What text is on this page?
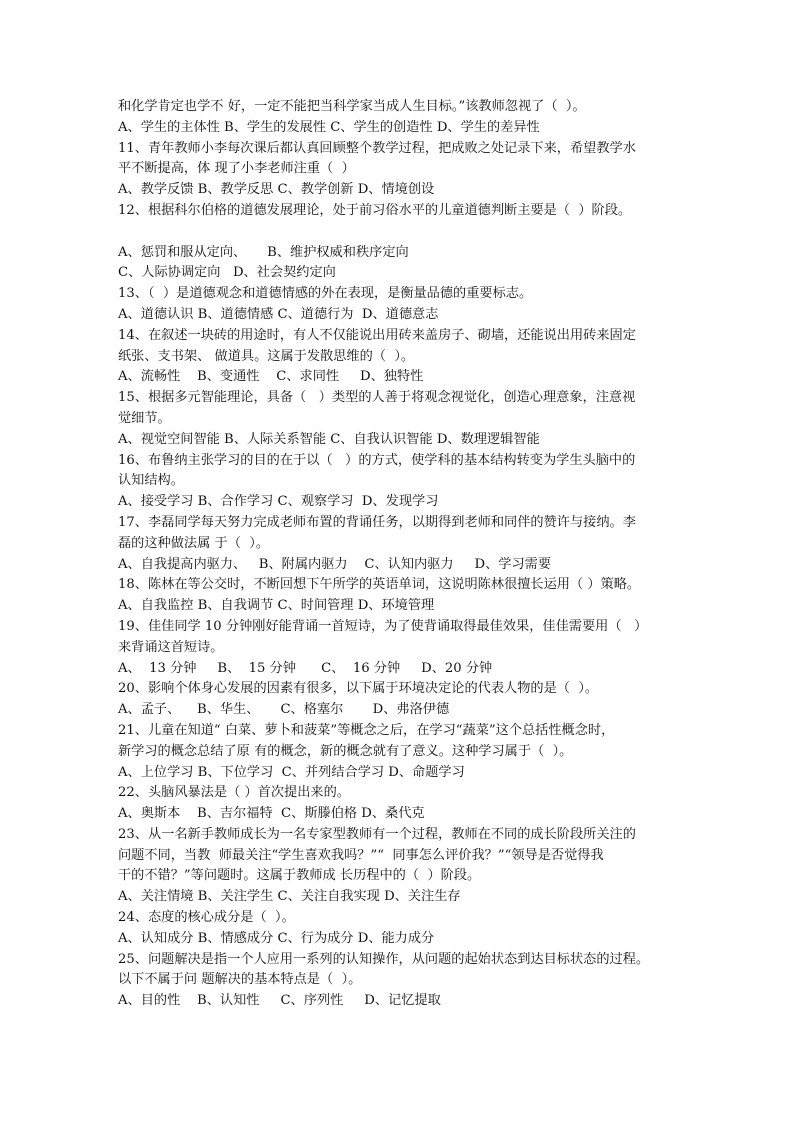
和化学肯定也学不 好，一定不能把当科学家当成人生目标。”该教师忽视了（  ）。
A、学生的主体性 B、学生的发展性 C、学生的创造性 D、学生的差异性
11、青年教师小李每次课后都认真回顾整个教学过程，把成败之处记录下来，希望教学水
平不断提高，体 现了小李老师注重（  ）
A、教学反馈 B、教学反思 C、教学创新 D、情境创设
12、根据科尔伯格的道德发展理论，处于前习俗水平的儿童道德判断主要是（  ）阶段。
A、惩罚和服从定向、     B、维护权威和秩序定向
C、人际协调定向   D、社会契约定向
13、（  ）是道德观念和道德情感的外在表现，是衡量品德的重要标志。
A、道德认识 B、道德情感 C、道德行为  D、道德意志
14、在叙述一块砖的用途时，有人不仅能说出用砖来盖房子、砌墙，还能说出用砖来固定
纸张、支书架、 做道具。这属于发散思维的（  ）。
A、流畅性    B、变通性    C、求同性     D、独特性
15、根据多元智能理论，具备（   ）类型的人善于将观念视觉化，创造心理意象，注意视
觉细节。
A、视觉空间智能 B、人际关系智能 C、自我认识智能 D、数理逻辑智能
16、布鲁纳主张学习的目的在于以（   ）的方式，使学科的基本结构转变为学生头脑中的
认知结构。
A、接受学习 B、合作学习 C、观察学习  D、发现学习
17、李磊同学每天努力完成老师布置的背诵任务，以期得到老师和同伴的赞许与接纳。李
磊的这种做法属 于（  ）。
A、自我提高内驱力、   B、附属内驱力    C、认知内驱力     D、学习需要
18、陈林在等公交时，不断回想下午所学的英语单词，这说明陈林很擅长运用（ ）策略。
A、自我监控 B、自我调节 C、时间管理 D、环境管理
19、佳佳同学 10 分钟刚好能背诵一首短诗，为了使背诵取得最佳效果，佳佳需要用（   ）
来背诵这首短诗。
A、  13 分钟     B、  15 分钟      C、  16 分钟     D、20 分钟
20、影响个体身心发展的因素有很多，以下属于环境决定论的代表人物的是（  ）。
A、孟子、    B、华生、     C、格塞尔       D、弗洛伊德
21、儿童在知道“ 白菜、萝卜和菠菜”等概念之后，在学习“蔬菜”这个总括性概念时，
新学习的概念总结了原 有的概念，新的概念就有了意义。这种学习属于（  ）。
A、上位学习 B、下位学习  C、并列结合学习 D、命题学习
22、头脑风暴法是（ ）首次提出来的。
A、奥斯本    B、吉尔福特  C、斯滕伯格 D、桑代克
23、从一名新手教师成长为一名专家型教师有一个过程，教师在不同的成长阶段所关注的
问题不同，当教  师最关注“学生喜欢我吗？”“  同事怎么评价我？”“领导是否觉得我
干的不错？”等问题时。这属于教师成 长历程中的（  ）阶段。
A、关注情境 B、关注学生 C、关注自我实现 D、关注生存
24、态度的核心成分是（  ）。
A、认知成分 B、情感成分 C、行为成分 D、能力成分
25、问题解决是指一个人应用一系列的认知操作，从问题的起始状态到达目标状态的过程。
以下不属于问 题解决的基本特点是（  ）。
A、目的性    B、认知性     C、序列性     D、记忆提取
